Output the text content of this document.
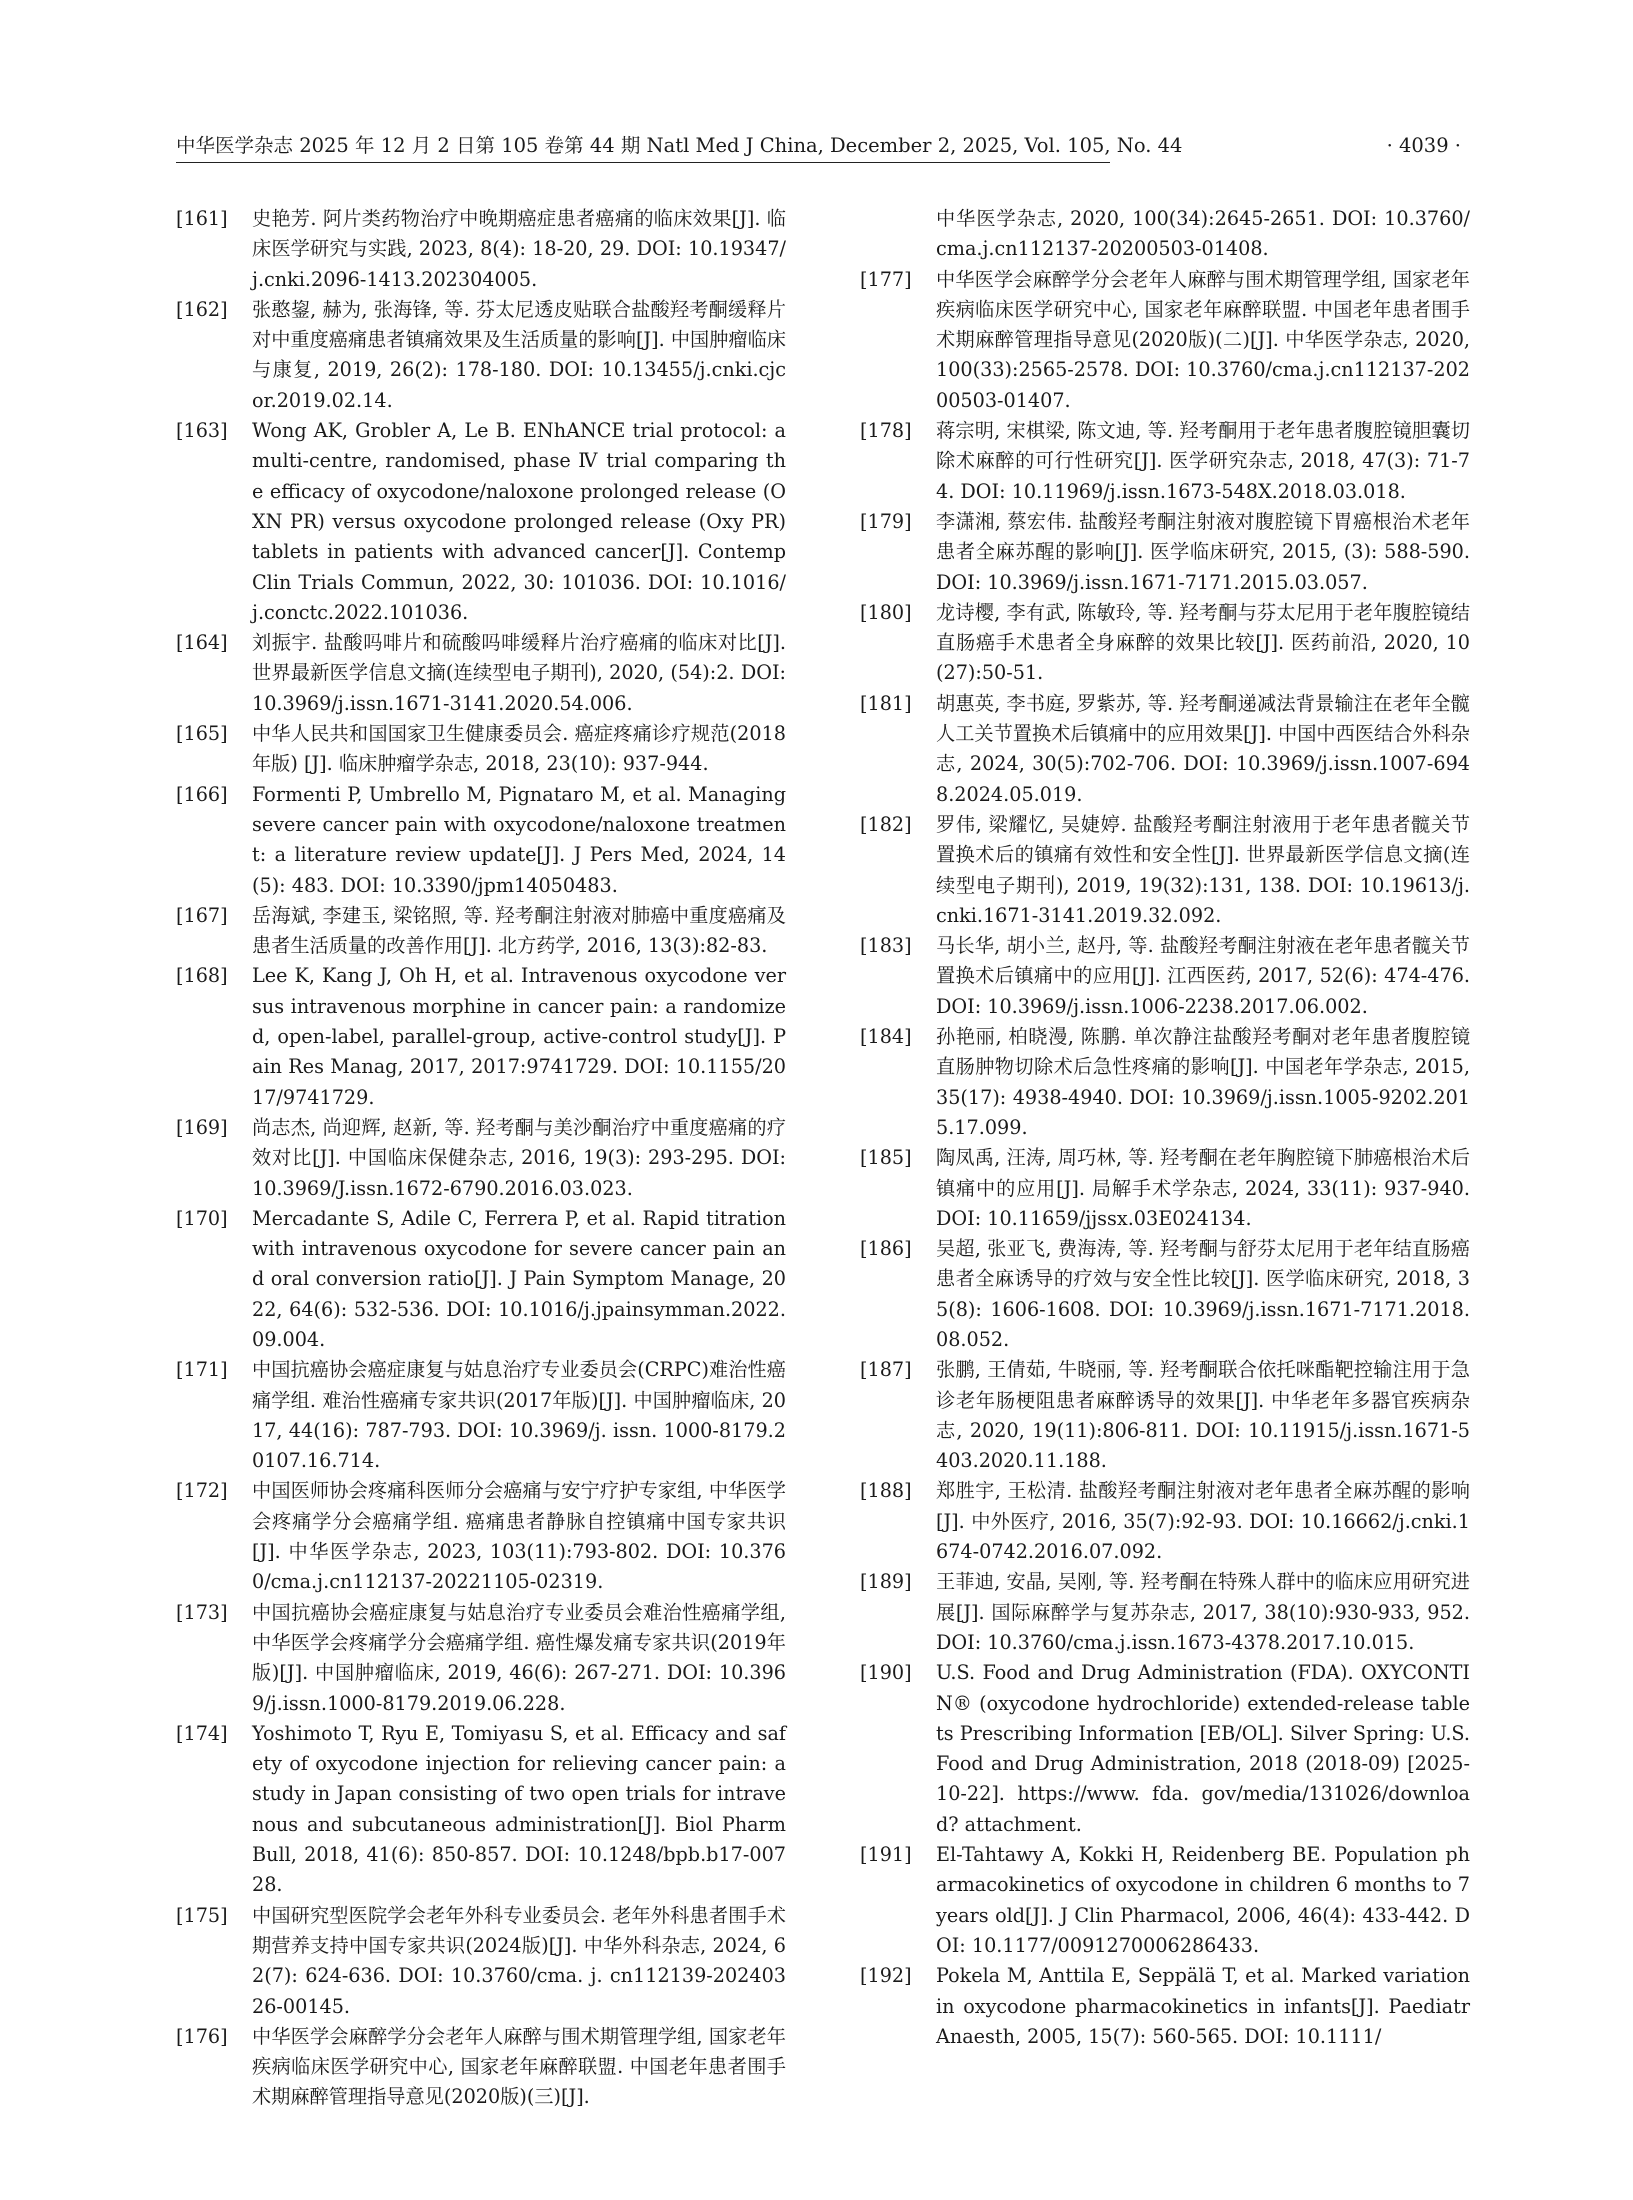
中华医学杂志 2025 年 12 月 2 日第 105 卷第 44 期 Natl Med J China, December 2, 2025, Vol. 105, No. 44	· 4039 ·
[161] 史艳芳. 阿片类药物治疗中晚期癌症患者癌痛的临床效果[J]. 临床医学研究与实践, 2023, 8(4): 18-20, 29. DOI: 10.19347/j.cnki.2096-1413.202304005.
[162] 张憨鋆, 赫为, 张海锋, 等. 芬太尼透皮贴联合盐酸羟考酮缓释片对中重度癌痛患者镇痛效果及生活质量的影响[J]. 中国肿瘤临床与康复, 2019, 26(2): 178-180. DOI: 10.13455/j.cnki.cjcor.2019.02.14.
[163] Wong AK, Grobler A, Le B. ENhANCE trial protocol: a multi-centre, randomised, phase Ⅳ trial comparing the efficacy of oxycodone/naloxone prolonged release (OXN PR) versus oxycodone prolonged release (Oxy PR) tablets in patients with advanced cancer[J]. Contemp Clin Trials Commun, 2022, 30: 101036. DOI: 10.1016/j.conctc.2022.101036.
[164] 刘振宇. 盐酸吗啡片和硫酸吗啡缓释片治疗癌痛的临床对比[J]. 世界最新医学信息文摘(连续型电子期刊), 2020, (54):2. DOI: 10.3969/j.issn.1671-3141.2020.54.006.
[165] 中华人民共和国国家卫生健康委员会. 癌症疼痛诊疗规范(2018年版) [J]. 临床肿瘤学杂志, 2018, 23(10): 937-944.
[166] Formenti P, Umbrello M, Pignataro M, et al. Managing severe cancer pain with oxycodone/naloxone treatment: a literature review update[J]. J Pers Med, 2024, 14(5): 483. DOI: 10.3390/jpm14050483.
[167] 岳海斌, 李建玉, 梁铭照, 等. 羟考酮注射液对肺癌中重度癌痛及患者生活质量的改善作用[J]. 北方药学, 2016, 13(3):82-83.
[168] Lee K, Kang J, Oh H, et al. Intravenous oxycodone versus intravenous morphine in cancer pain: a randomized, open-label, parallel-group, active-control study[J]. Pain Res Manag, 2017, 2017:9741729. DOI: 10.1155/2017/9741729.
[169] 尚志杰, 尚迎辉, 赵新, 等. 羟考酮与美沙酮治疗中重度癌痛的疗效对比[J]. 中国临床保健杂志, 2016, 19(3): 293-295. DOI: 10.3969/J.issn.1672-6790.2016.03.023.
[170] Mercadante S, Adile C, Ferrera P, et al. Rapid titration with intravenous oxycodone for severe cancer pain and oral conversion ratio[J]. J Pain Symptom Manage, 2022, 64(6): 532-536. DOI: 10.1016/j.jpainsymman.2022.09.004.
[171] 中国抗癌协会癌症康复与姑息治疗专业委员会(CRPC)难治性癌痛学组. 难治性癌痛专家共识(2017年版)[J]. 中国肿瘤临床, 2017, 44(16): 787-793. DOI: 10.3969/j. issn. 1000-8179.20107.16.714.
[172] 中国医师协会疼痛科医师分会癌痛与安宁疗护专家组, 中华医学会疼痛学分会癌痛学组. 癌痛患者静脉自控镇痛中国专家共识[J]. 中华医学杂志, 2023, 103(11):793-802. DOI: 10.3760/cma.j.cn112137-20221105-02319.
[173] 中国抗癌协会癌症康复与姑息治疗专业委员会难治性癌痛学组, 中华医学会疼痛学分会癌痛学组. 癌性爆发痛专家共识(2019年版)[J]. 中国肿瘤临床, 2019, 46(6): 267-271. DOI: 10.3969/j.issn.1000-8179.2019.06.228.
[174] Yoshimoto T, Ryu E, Tomiyasu S, et al. Efficacy and safety of oxycodone injection for relieving cancer pain: a study in Japan consisting of two open trials for intravenous and subcutaneous administration[J]. Biol Pharm Bull, 2018, 41(6): 850-857. DOI: 10.1248/bpb.b17-00728.
[175] 中国研究型医院学会老年外科专业委员会. 老年外科患者围手术期营养支持中国专家共识(2024版)[J]. 中华外科杂志, 2024, 62(7): 624-636. DOI: 10.3760/cma. j. cn112139-20240326-00145.
[176] 中华医学会麻醉学分会老年人麻醉与围术期管理学组, 国家老年疾病临床医学研究中心, 国家老年麻醉联盟. 中国老年患者围手术期麻醉管理指导意见(2020版)(三)[J].
中华医学杂志, 2020, 100(34):2645-2651. DOI: 10.3760/cma.j.cn112137-20200503-01408.
[177] 中华医学会麻醉学分会老年人麻醉与围术期管理学组, 国家老年疾病临床医学研究中心, 国家老年麻醉联盟. 中国老年患者围手术期麻醉管理指导意见(2020版)(二)[J]. 中华医学杂志, 2020, 100(33):2565-2578. DOI: 10.3760/cma.j.cn112137-20200503-01407.
[178] 蒋宗明, 宋棋梁, 陈文迪, 等. 羟考酮用于老年患者腹腔镜胆囊切除术麻醉的可行性研究[J]. 医学研究杂志, 2018, 47(3): 71-74. DOI: 10.11969/j.issn.1673-548X.2018.03.018.
[179] 李潇湘, 蔡宏伟. 盐酸羟考酮注射液对腹腔镜下胃癌根治术老年患者全麻苏醒的影响[J]. 医学临床研究, 2015, (3): 588-590. DOI: 10.3969/j.issn.1671-7171.2015.03.057.
[180] 龙诗樱, 李有武, 陈敏玲, 等. 羟考酮与芬太尼用于老年腹腔镜结直肠癌手术患者全身麻醉的效果比较[J]. 医药前沿, 2020, 10(27):50-51.
[181] 胡惠英, 李书庭, 罗紫苏, 等. 羟考酮递减法背景输注在老年全髋人工关节置换术后镇痛中的应用效果[J]. 中国中西医结合外科杂志, 2024, 30(5):702-706. DOI: 10.3969/j.issn.1007-6948.2024.05.019.
[182] 罗伟, 梁耀忆, 吴婕婷. 盐酸羟考酮注射液用于老年患者髋关节置换术后的镇痛有效性和安全性[J]. 世界最新医学信息文摘(连续型电子期刊), 2019, 19(32):131, 138. DOI: 10.19613/j.cnki.1671-3141.2019.32.092.
[183] 马长华, 胡小兰, 赵丹, 等. 盐酸羟考酮注射液在老年患者髋关节置换术后镇痛中的应用[J]. 江西医药, 2017, 52(6): 474-476. DOI: 10.3969/j.issn.1006-2238.2017.06.002.
[184] 孙艳丽, 柏晓漫, 陈鹏. 单次静注盐酸羟考酮对老年患者腹腔镜直肠肿物切除术后急性疼痛的影响[J]. 中国老年学杂志, 2015, 35(17): 4938-4940. DOI: 10.3969/j.issn.1005-9202.2015.17.099.
[185] 陶凤禹, 汪涛, 周巧林, 等. 羟考酮在老年胸腔镜下肺癌根治术后镇痛中的应用[J]. 局解手术学杂志, 2024, 33(11): 937-940. DOI: 10.11659/jjssx.03E024134.
[186] 吴超, 张亚飞, 费海涛, 等. 羟考酮与舒芬太尼用于老年结直肠癌患者全麻诱导的疗效与安全性比较[J]. 医学临床研究, 2018, 35(8): 1606-1608. DOI: 10.3969/j.issn.1671-7171.2018.08.052.
[187] 张鹏, 王倩茹, 牛晓丽, 等. 羟考酮联合依托咪酯靶控输注用于急诊老年肠梗阻患者麻醉诱导的效果[J]. 中华老年多器官疾病杂志, 2020, 19(11):806-811. DOI: 10.11915/j.issn.1671-5403.2020.11.188.
[188] 郑胜宇, 王松清. 盐酸羟考酮注射液对老年患者全麻苏醒的影响[J]. 中外医疗, 2016, 35(7):92-93. DOI: 10.16662/j.cnki.1674-0742.2016.07.092.
[189] 王菲迪, 安晶, 吴刚, 等. 羟考酮在特殊人群中的临床应用研究进展[J]. 国际麻醉学与复苏杂志, 2017, 38(10):930-933, 952. DOI: 10.3760/cma.j.issn.1673-4378.2017.10.015.
[190] U.S. Food and Drug Administration (FDA). OXYCONTIN® (oxycodone hydrochloride) extended-release tablets Prescribing Information [EB/OL]. Silver Spring: U.S. Food and Drug Administration, 2018 (2018-09) [2025-10-22]. https://www. fda. gov/media/131026/download? attachment.
[191] El-Tahtawy A, Kokki H, Reidenberg BE. Population pharmacokinetics of oxycodone in children 6 months to 7 years old[J]. J Clin Pharmacol, 2006, 46(4): 433-442. DOI: 10.1177/0091270006286433.
[192] Pokela M, Anttila E, Seppälä T, et al. Marked variation in oxycodone pharmacokinetics in infants[J]. Paediatr Anaesth, 2005, 15(7): 560-565. DOI: 10.1111/
